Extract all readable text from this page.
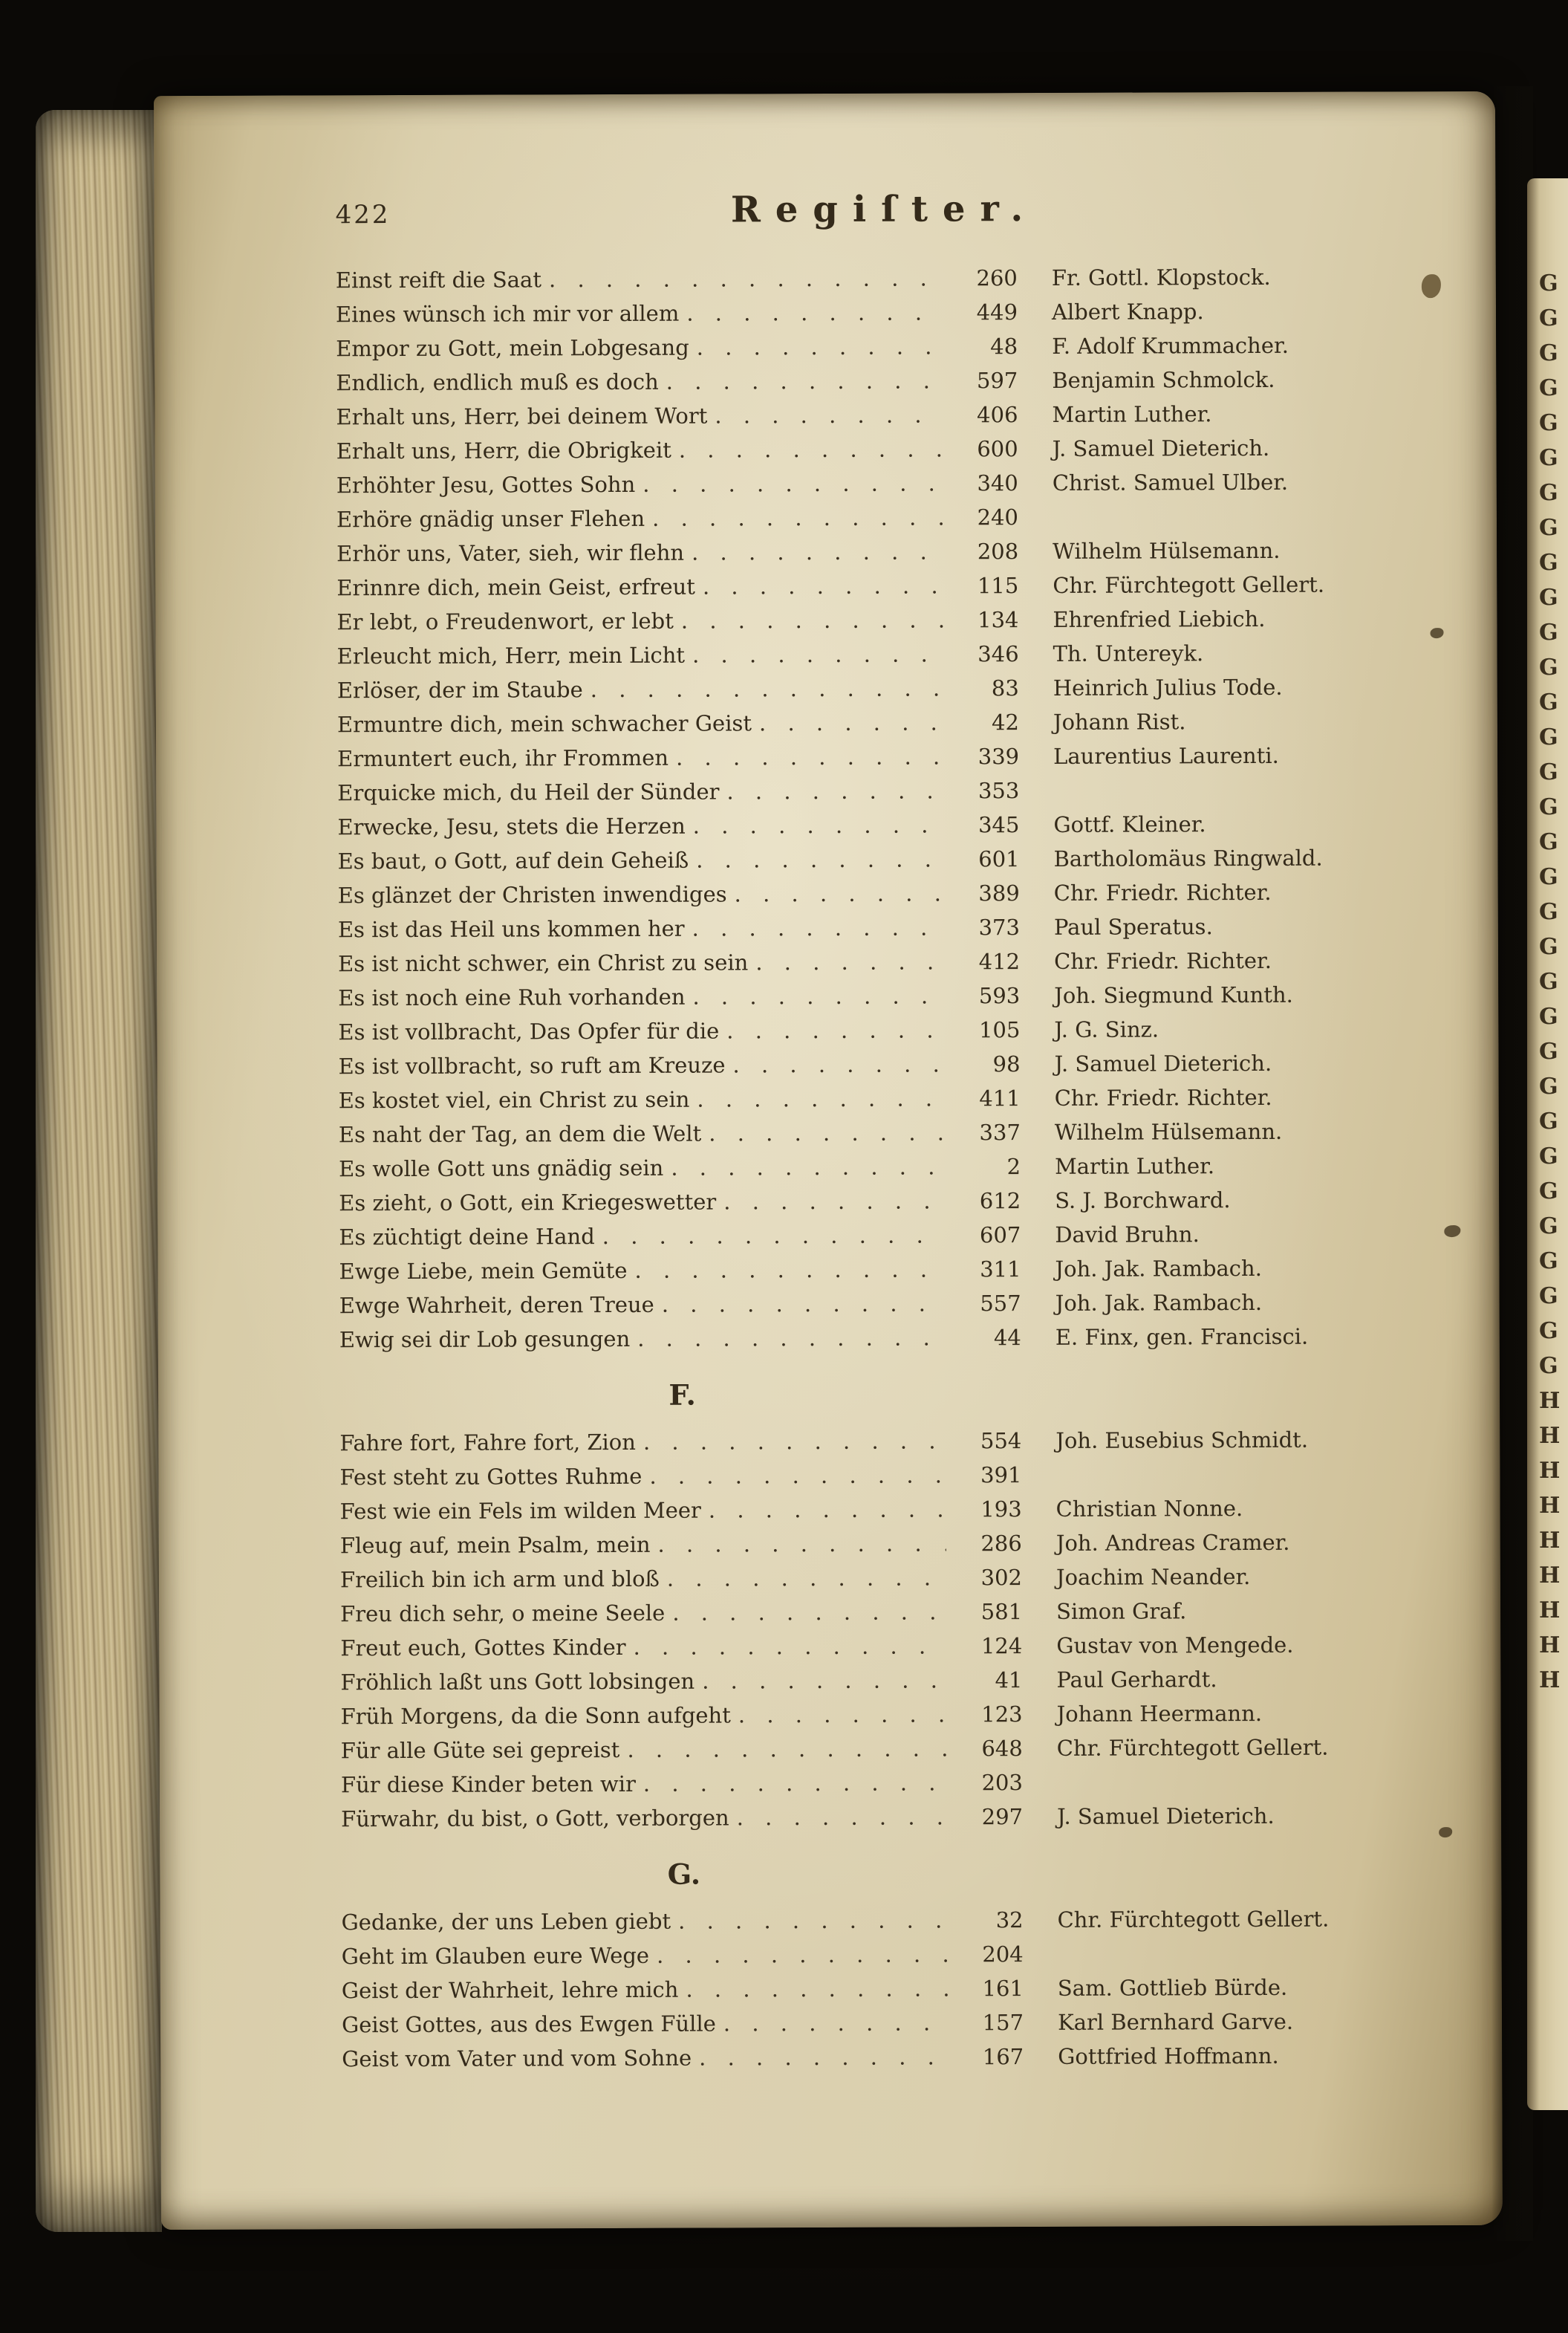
422	Regiſter.
Einst reift die Saat . . .	260	Fr. Gottl. Klopstock.
Eines wünsch ich mir vor allem . . .	449	Albert Knapp.
Empor zu Gott, mein Lobgesang . . .	48	F. Adolf Krummacher.
Endlich, endlich muß es doch . . .	597	Benjamin Schmolck.
Erhalt uns, Herr, bei deinem Wort . . .	406	Martin Luther.
Erhalt uns, Herr, die Obrigkeit . . .	600	J. Samuel Dieterich.
Erhöhter Jesu, Gottes Sohn . . .	340	Christ. Samuel Ulber.
Erhöre gnädig unser Flehen . . .	240
Erhör uns, Vater, sieh, wir flehn . . .	208	Wilhelm Hülsemann.
Erinnre dich, mein Geist, erfreut . . .	115	Chr. Fürchtegott Gellert.
Er lebt, o Freudenwort, er lebt . . .	134	Ehrenfried Liebich.
Erleucht mich, Herr, mein Licht . . .	346	Th. Untereyk.
Erlöser, der im Staube . . .	83	Heinrich Julius Tode.
Ermuntre dich, mein schwacher Geist . . .	42	Johann Rist.
Ermuntert euch, ihr Frommen . . .	339	Laurentius Laurenti.
Erquicke mich, du Heil der Sünder . . .	353
Erwecke, Jesu, stets die Herzen . . .	345	Gottf. Kleiner.
Es baut, o Gott, auf dein Geheiß . . .	601	Bartholomäus Ringwald.
Es glänzet der Christen inwendiges . . .	389	Chr. Friedr. Richter.
Es ist das Heil uns kommen her . . .	373	Paul Speratus.
Es ist nicht schwer, ein Christ zu sein . . .	412	Chr. Friedr. Richter.
Es ist noch eine Ruh vorhanden . . .	593	Joh. Siegmund Kunth.
Es ist vollbracht, Das Opfer für die . . .	105	J. G. Sinz.
Es ist vollbracht, so ruft am Kreuze . . .	98	J. Samuel Dieterich.
Es kostet viel, ein Christ zu sein . . .	411	Chr. Friedr. Richter.
Es naht der Tag, an dem die Welt . . .	337	Wilhelm Hülsemann.
Es wolle Gott uns gnädig sein . . .	2	Martin Luther.
Es zieht, o Gott, ein Kriegeswetter . . .	612	S. J. Borchward.
Es züchtigt deine Hand . . .	607	David Bruhn.
Ewge Liebe, mein Gemüte . . .	311	Joh. Jak. Rambach.
Ewge Wahrheit, deren Treue . . .	557	Joh. Jak. Rambach.
Ewig sei dir Lob gesungen . . .	44	E. Finx, gen. Francisci.
F.
Fahre fort, Fahre fort, Zion . . .	554	Joh. Eusebius Schmidt.
Fest steht zu Gottes Ruhme . . .	391
Fest wie ein Fels im wilden Meer . . .	193	Christian Nonne.
Fleug auf, mein Psalm, mein . . .	286	Joh. Andreas Cramer.
Freilich bin ich arm und bloß . . .	302	Joachim Neander.
Freu dich sehr, o meine Seele . . .	581	Simon Graf.
Freut euch, Gottes Kinder . . .	124	Gustav von Mengede.
Fröhlich laßt uns Gott lobsingen . . .	41	Paul Gerhardt.
Früh Morgens, da die Sonn aufgeht . . .	123	Johann Heermann.
Für alle Güte sei gepreist . . .	648	Chr. Fürchtegott Gellert.
Für diese Kinder beten wir . . .	203
Fürwahr, du bist, o Gott, verborgen . . .	297	J. Samuel Dieterich.
G.
Gedanke, der uns Leben giebt . . .	32	Chr. Fürchtegott Gellert.
Geht im Glauben eure Wege . . .	204
Geist der Wahrheit, lehre mich . . .	161	Sam. Gottlieb Bürde.
Geist Gottes, aus des Ewgen Fülle . . .	157	Karl Bernhard Garve.
Geist vom Vater und vom Sohne . . .	167	Gottfried Hoffmann.
G
G
G
G
G
G
G
G
G
G
G
G
G
G
G
G
G
G
G
G
G
G
G
G
G
G
G
G
G
G
G
G
H
H
H
H
H
H
H
H
H
